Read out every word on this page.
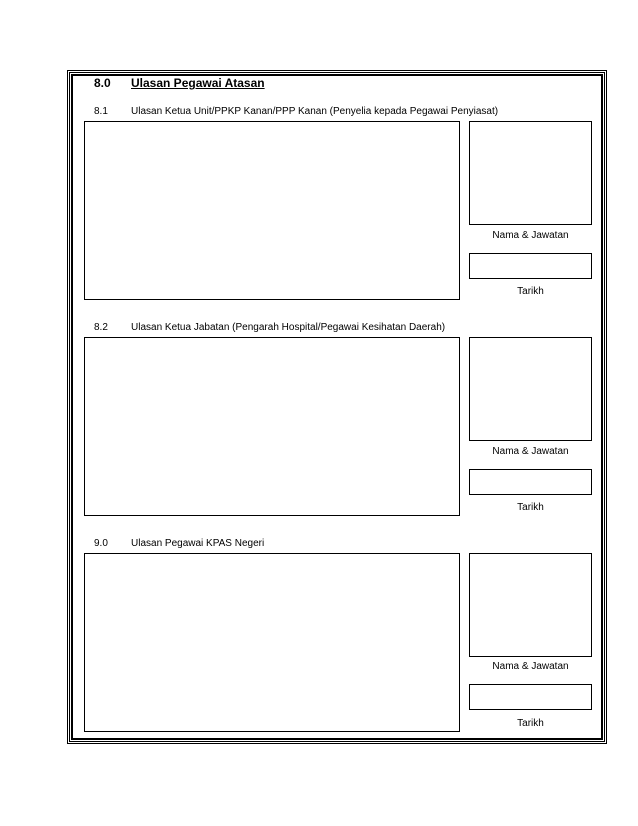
8.0 Ulasan Pegawai Atasan
8.1 Ulasan Ketua Unit/PPKP Kanan/PPP Kanan (Penyelia kepada Pegawai Penyiasat)
Nama & Jawatan
Tarikh
8.2 Ulasan Ketua Jabatan (Pengarah Hospital/Pegawai Kesihatan Daerah)
Nama & Jawatan
Tarikh
9.0 Ulasan Pegawai KPAS Negeri
Nama & Jawatan
Tarikh
